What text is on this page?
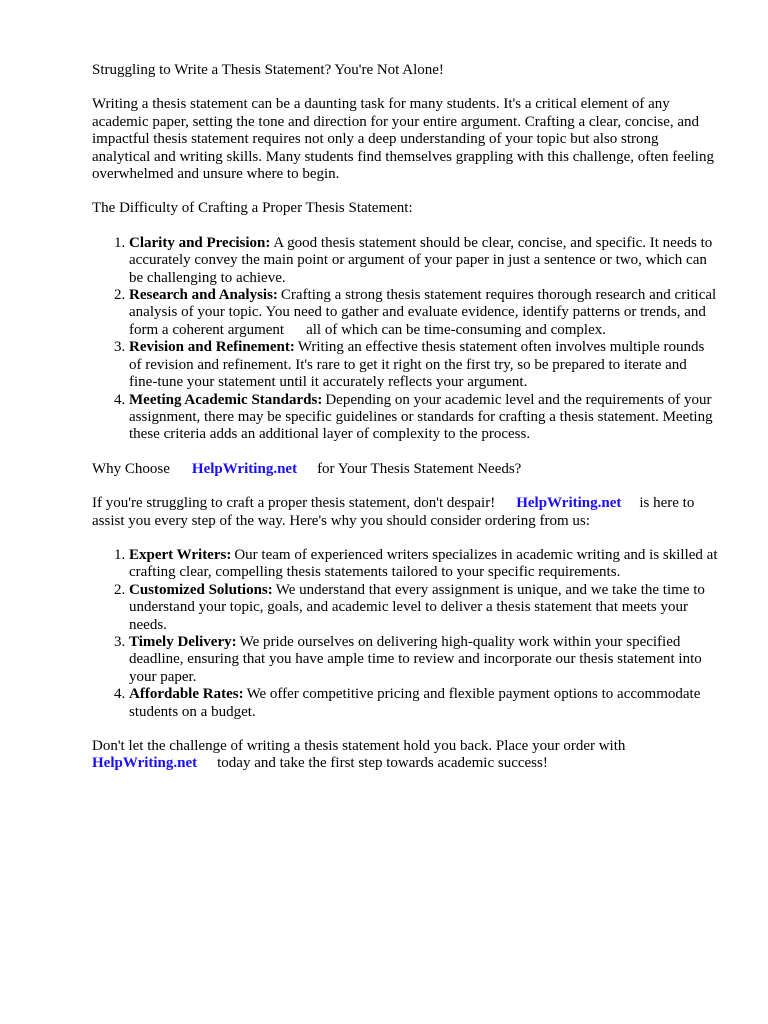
Struggling to Write a Thesis Statement? You're Not Alone!

Writing a thesis statement can be a daunting task for many students. It's a critical element of any academic paper, setting the tone and direction for your entire argument. Crafting a clear, concise, and impactful thesis statement requires not only a deep understanding of your topic but also strong analytical and writing skills. Many students find themselves grappling with this challenge, often feeling overwhelmed and unsure where to begin.

The Difficulty of Crafting a Proper Thesis Statement:

1. Clarity and Precision: A good thesis statement should be clear, concise, and specific. It needs to accurately convey the main point or argument of your paper in just a sentence or two, which can be challenging to achieve.
2. Research and Analysis: Crafting a strong thesis statement requires thorough research and critical analysis of your topic. You need to gather and evaluate evidence, identify patterns or trends, and form a coherent argument all of which can be time-consuming and complex.
3. Revision and Refinement: Writing an effective thesis statement often involves multiple rounds of revision and refinement. It's rare to get it right on the first try, so be prepared to iterate and fine-tune your statement until it accurately reflects your argument.
4. Meeting Academic Standards: Depending on your academic level and the requirements of your assignment, there may be specific guidelines or standards for crafting a thesis statement. Meeting these criteria adds an additional layer of complexity to the process.

Why Choose HelpWriting.net for Your Thesis Statement Needs?

If you're struggling to craft a proper thesis statement, don't despair! HelpWriting.net is here to assist you every step of the way. Here's why you should consider ordering from us:

1. Expert Writers: Our team of experienced writers specializes in academic writing and is skilled at crafting clear, compelling thesis statements tailored to your specific requirements.
2. Customized Solutions: We understand that every assignment is unique, and we take the time to understand your topic, goals, and academic level to deliver a thesis statement that meets your needs.
3. Timely Delivery: We pride ourselves on delivering high-quality work within your specified deadline, ensuring that you have ample time to review and incorporate our thesis statement into your paper.
4. Affordable Rates: We offer competitive pricing and flexible payment options to accommodate students on a budget.

Don't let the challenge of writing a thesis statement hold you back. Place your order with
HelpWriting.net today and take the first step towards academic success!
